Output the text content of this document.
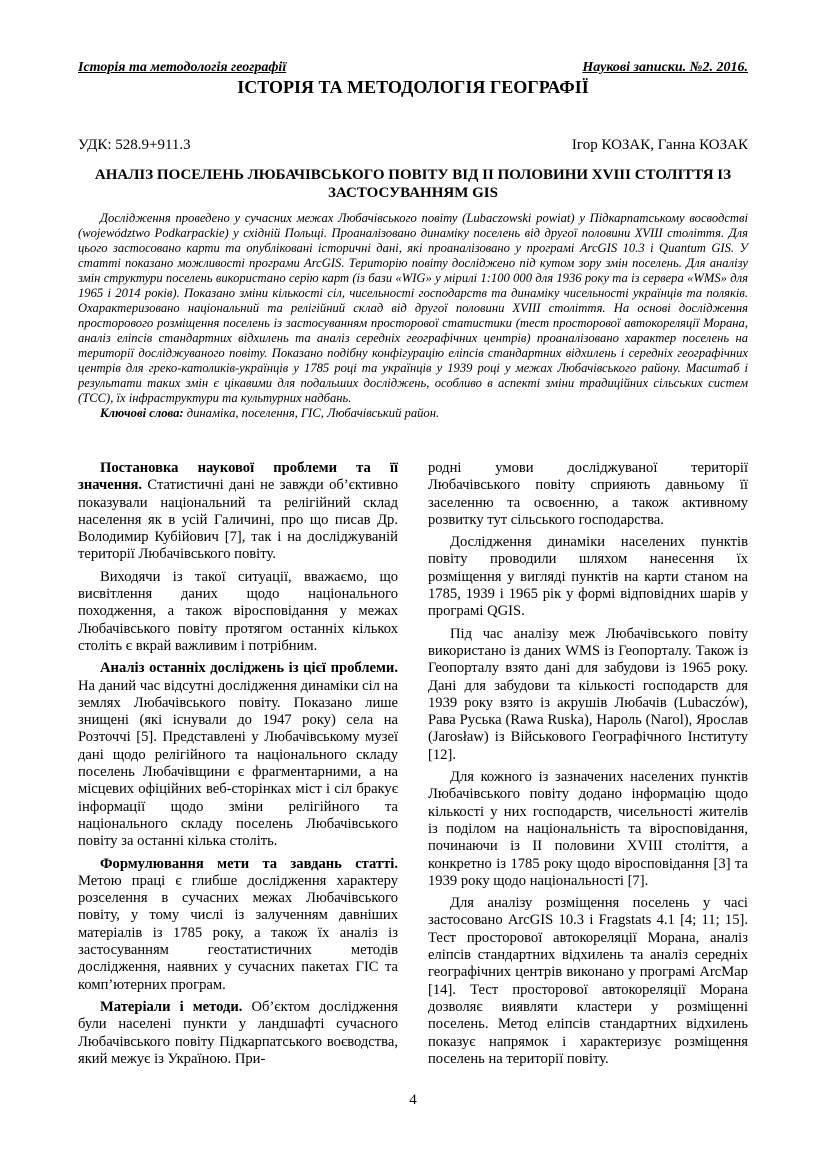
Історія та методологія географії	Наукові записки. №2. 2016.
ІСТОРІЯ ТА МЕТОДОЛОГІЯ ГЕОГРАФІЇ
УДК: 528.9+911.3	Ігор КОЗАК, Ганна КОЗАК
АНАЛІЗ ПОСЕЛЕНЬ ЛЮБАЧІВСЬКОГО ПОВІТУ ВІД ІІ ПОЛОВИНИ XVIII СТОЛІТТЯ ІЗ ЗАСТОСУВАННЯМ GIS
Дослідження проведено у сучасних межах Любачівського повіту (Lubaczowski powiat) у Підкарпатському восводстві (województwo Podkarpackie) у східній Польщі. Проаналізовано динаміку поселень від другої половини XVIII століття. Для цього застосовано карти та опубліковані історичні дані, які проаналізовано у програмі ArcGIS 10.3 і Quantum GIS. У статті показано можливості програми ArcGIS. Територію повіту досліджено під кутом зору змін поселень. Для аналізу змін структури поселень використано серію карт (із бази «WIG» у мірилі 1:100 000 для 1936 року та із сервера «WMS» для 1965 і 2014 років). Показано зміни кількості сіл, чисельності господарств та динаміку чисельності українців та поляків. Охарактеризовано національний та релігійний склад від другої половини XVIII століття. На основі дослідження просторового розміщення поселень із застосуванням просторової статистики (тест просторової автокореляції Морана, аналіз еліпсів стандартних відхилень та аналіз середніх географічних центрів) проаналізовано характер поселень на території досліджуваного повіту. Показано подібну конфігурацію еліпсів стандартних відхилень і середніх географічних центрів для греко-католиків-українців у 1785 році та українців у 1939 році у межах Любачівського району. Масштаб і результати таких змін є цікавими для подальших досліджень, особливо в аспекті зміни традиційних сільських систем (ТСС), їх інфраструктури та культурних надбань.
Ключові слова: динаміка, поселення, ГІС, Любачівський район.

Постановка наукової проблеми та її значення. Статистичні дані не завжди об’єктивно показували національний та релігійний склад населення як в усій Галичині, про що писав Др. Володимир Кубійович [7], так і на досліджуваній території Любачівського повіту.

Виходячи із такої ситуації, вважаємо, що висвітлення даних щодо національного походження, а також віросповідання у межах Любачівського повіту протягом останніх кількох століть є вкрай важливим і потрібним.

Аналіз останніх досліджень із цієї проблеми. На даний час відсутні дослідження динаміки сіл на землях Любачівського повіту. Показано лише знищені (які існували до 1947 року) села на Розточчі [5]. Представлені у Любачівському музеї дані щодо релігійного та національного складу поселень Любачівщини є фрагментарними, а на місцевих офіційних веб-сторінках міст і сіл бракує інформації щодо зміни релігійного та національного складу поселень Любачівського повіту за останні кілька століть.

Формулювання мети та завдань статті. Метою праці є глибше дослідження характеру розселення в сучасних межах Любачівського повіту, у тому числі із залученням давніших матеріалів із 1785 року, а також їх аналіз із застосуванням геостатистичних методів дослідження, наявних у сучасних пакетах ГІС та комп’ютерних програм.

Матеріали і методи. Об’єктом дослідження були населені пункти у ландшафті сучасного Любачівського повіту Підкарпатського воєводства, який межує із Україною. При-

родні умови досліджуваної території Любачівського повіту сприяють давньому її заселенню та освоєнню, а також активному розвитку тут сільського господарства.

Дослідження динаміки населених пунктів повіту проводили шляхом нанесення їх розміщення у вигляді пунктів на карти станом на 1785, 1939 і 1965 рік у формі відповідних шарів у програмі QGIS.

Під час аналізу меж Любачівського повіту використано із даних WMS із Геопорталу. Також із Геопорталу взято дані для забудови із 1965 року. Дані для забудови та кількості господарств для 1939 року взято із акрушів Любачів (Lubaczów), Рава Руська (Rawa Ruska), Нароль (Narol), Ярослав (Jarosław) із Військового Географічного Інституту [12].

Для кожного із зазначених населених пунктів Любачівського повіту додано інформацію щодо кількості у них господарств, чисельності жителів із поділом на національність та віросповідання, починаючи із ІІ половини XVIII століття, а конкретно із 1785 року щодо віросповідання [3] та 1939 року щодо національності [7].

Для аналізу розміщення поселень у часі застосовано ArcGIS 10.3 і Fragstats 4.1 [4; 11; 15]. Тест просторової автокореляції Морана, аналіз еліпсів стандартних відхилень та аналіз середніх географічних центрів виконано у програмі ArcMap [14]. Тест просторової автокореляції Морана дозволяє виявляти кластери у розміщенні поселень. Метод еліпсів стандартних відхилень показує напрямок і характеризує розміщення поселень на території повіту.

4
